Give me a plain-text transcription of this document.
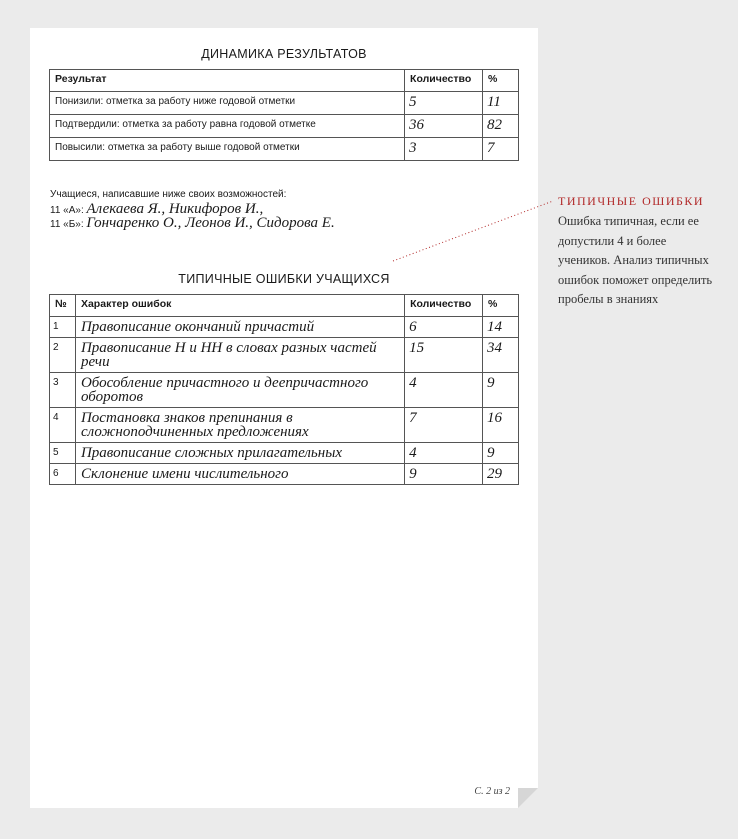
ДИНАМИКА РЕЗУЛЬТАТОВ
Результат	Количество	%
Понизили: отметка за работу ниже годовой отметки	5	11
Подтвердили: отметка за работу равна годовой отметке	36	82
Повысили: отметка за работу выше годовой отметки	3	7
Учащиеся, написавшие ниже своих возможностей:
11 «А»: Алекаева Я., Никифоров И.,
11 «Б»: Гончаренко О., Леонов И., Сидорова Е.
ТИПИЧНЫЕ ОШИБКИ УЧАЩИХСЯ
№	Характер ошибок	Количество	%
1	Правописание окончаний причастий	6	14
2	Правописание Н и НН в словах разных частей речи	15	34
3	Обособление причастного и деепричастного оборотов	4	9
4	Постановка знаков препинания в сложноподчиненных предложениях	7	16
5	Правописание сложных прилагательных	4	9
6	Склонение имени числительного	9	29
С. 2 из 2
ТИПИЧНЫЕ ОШИБКИ
Ошибка типичная, если ее допустили 4 и более учеников. Анализ типичных ошибок поможет определить пробелы в знаниях
